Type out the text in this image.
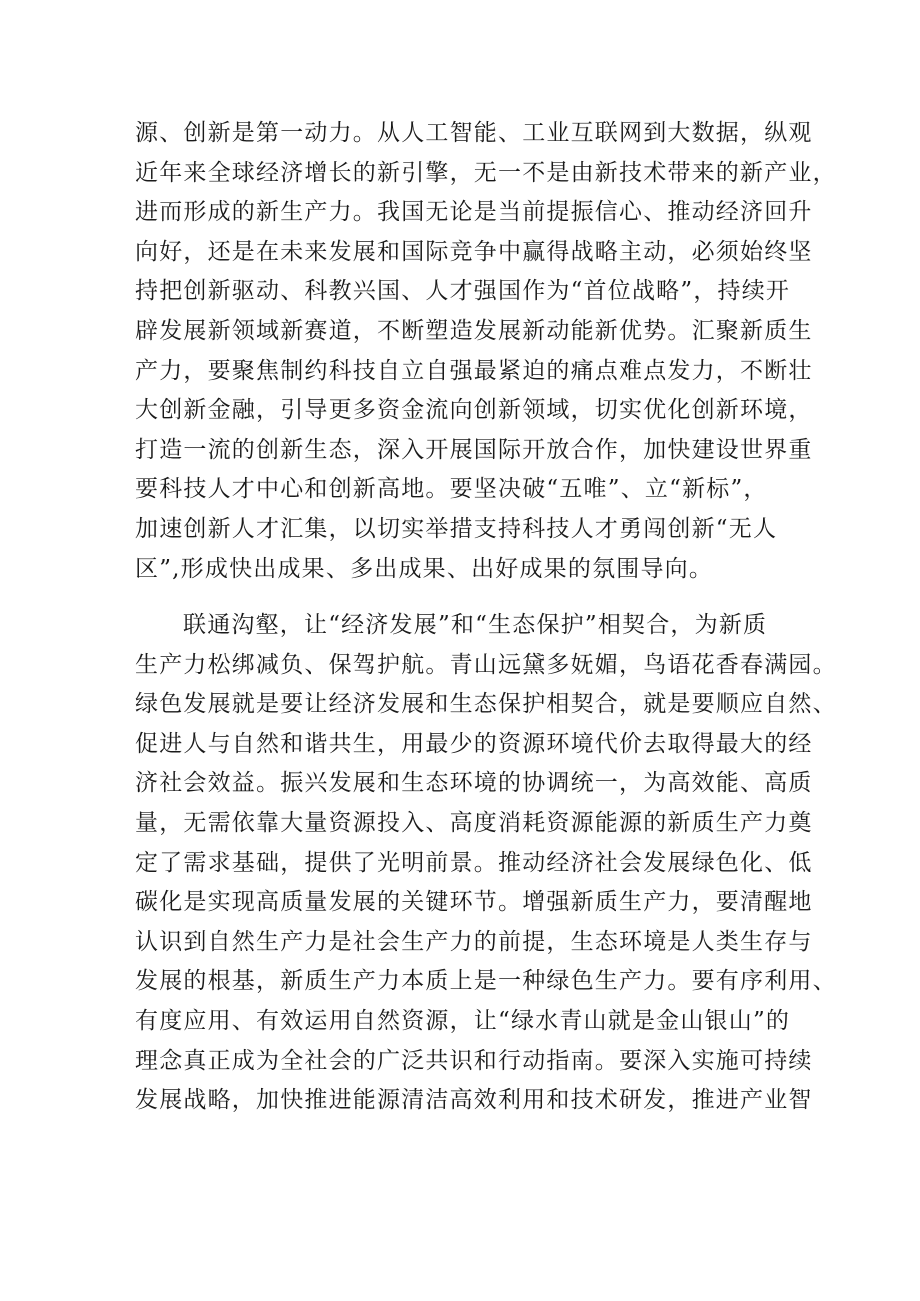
源、创新是第一动力。从人工智能、工业互联网到大数据，纵观
近年来全球经济增长的新引擎，无一不是由新技术带来的新产业，
进而形成的新生产力。我国无论是当前提振信心、推动经济回升
向好，还是在未来发展和国际竞争中赢得战略主动，必须始终坚
持把创新驱动、科教兴国、人才强国作为“首位战略”，持续开
辟发展新领域新赛道，不断塑造发展新动能新优势。汇聚新质生
产力，要聚焦制约科技自立自强最紧迫的痛点难点发力，不断壮
大创新金融，引导更多资金流向创新领域，切实优化创新环境，
打造一流的创新生态，深入开展国际开放合作，加快建设世界重
要科技人才中心和创新高地。要坚决破“五唯”、立“新标”，
加速创新人才汇集，以切实举措支持科技人才勇闯创新“无人
区”,形成快出成果、多出成果、出好成果的氛围导向。
联通沟壑，让“经济发展”和“生态保护”相契合，为新质
生产力松绑减负、保驾护航。青山远黛多妩媚，鸟语花香春满园。
绿色发展就是要让经济发展和生态保护相契合，就是要顺应自然、
促进人与自然和谐共生，用最少的资源环境代价去取得最大的经
济社会效益。振兴发展和生态环境的协调统一，为高效能、高质
量，无需依靠大量资源投入、高度消耗资源能源的新质生产力奠
定了需求基础，提供了光明前景。推动经济社会发展绿色化、低
碳化是实现高质量发展的关键环节。增强新质生产力，要清醒地
认识到自然生产力是社会生产力的前提，生态环境是人类生存与
发展的根基，新质生产力本质上是一种绿色生产力。要有序利用、
有度应用、有效运用自然资源，让“绿水青山就是金山银山”的
理念真正成为全社会的广泛共识和行动指南。要深入实施可持续
发展战略，加快推进能源清洁高效利用和技术研发，推进产业智
